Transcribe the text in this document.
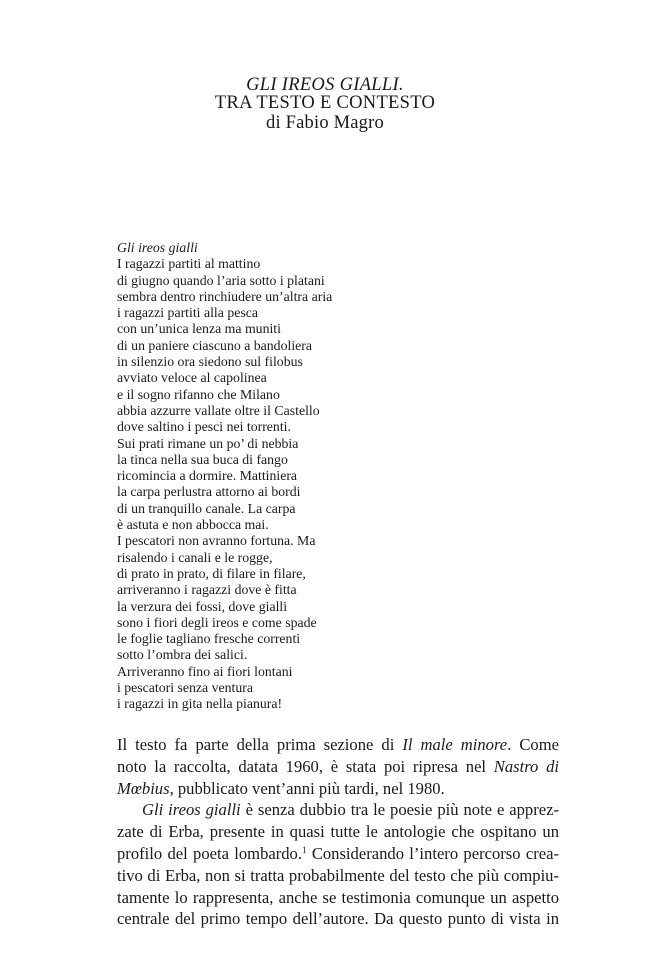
GLI IREOS GIALLI.
TRA TESTO E CONTESTO
di Fabio Magro
Gli ireos gialli
I ragazzi partiti al mattino
di giugno quando l’aria sotto i platani
sembra dentro rinchiudere un’altra aria
i ragazzi partiti alla pesca
con un’unica lenza ma muniti
di un paniere ciascuno a bandoliera
in silenzio ora siedono sul filobus
avviato veloce al capolinea
e il sogno rifanno che Milano
abbia azzurre vallate oltre il Castello
dove saltino i pesci nei torrenti.
Sui prati rimane un po’ di nebbia
la tinca nella sua buca di fango
ricomincia a dormire. Mattiniera
la carpa perlustra attorno ai bordi
di un tranquillo canale. La carpa
è astuta e non abbocca mai.
I pescatori non avranno fortuna. Ma
risalendo i canali e le rogge,
di prato in prato, di filare in filare,
arriveranno i ragazzi dove è fitta
la verzura dei fossi, dove gialli
sono i fiori degli ireos e come spade
le foglie tagliano fresche correnti
sotto l’ombra dei salici.
Arriveranno fino ai fiori lontani
i pescatori senza ventura
i ragazzi in gita nella pianura!

Il testo fa parte della prima sezione di Il male minore. Come
noto la raccolta, datata 1960, è stata poi ripresa nel Nastro di
Mœbius, pubblicato vent’anni più tardi, nel 1980.

Gli ireos gialli è senza dubbio tra le poesie più note e apprez-
zate di Erba, presente in quasi tutte le antologie che ospitano un
profilo del poeta lombardo.$^1$ Considerando l’intero percorso crea-
tivo di Erba, non si tratta probabilmente del testo che più compiu-
tamente lo rappresenta, anche se testimonia comunque un aspetto
centrale del primo tempo dell’autore. Da questo punto di vista in
